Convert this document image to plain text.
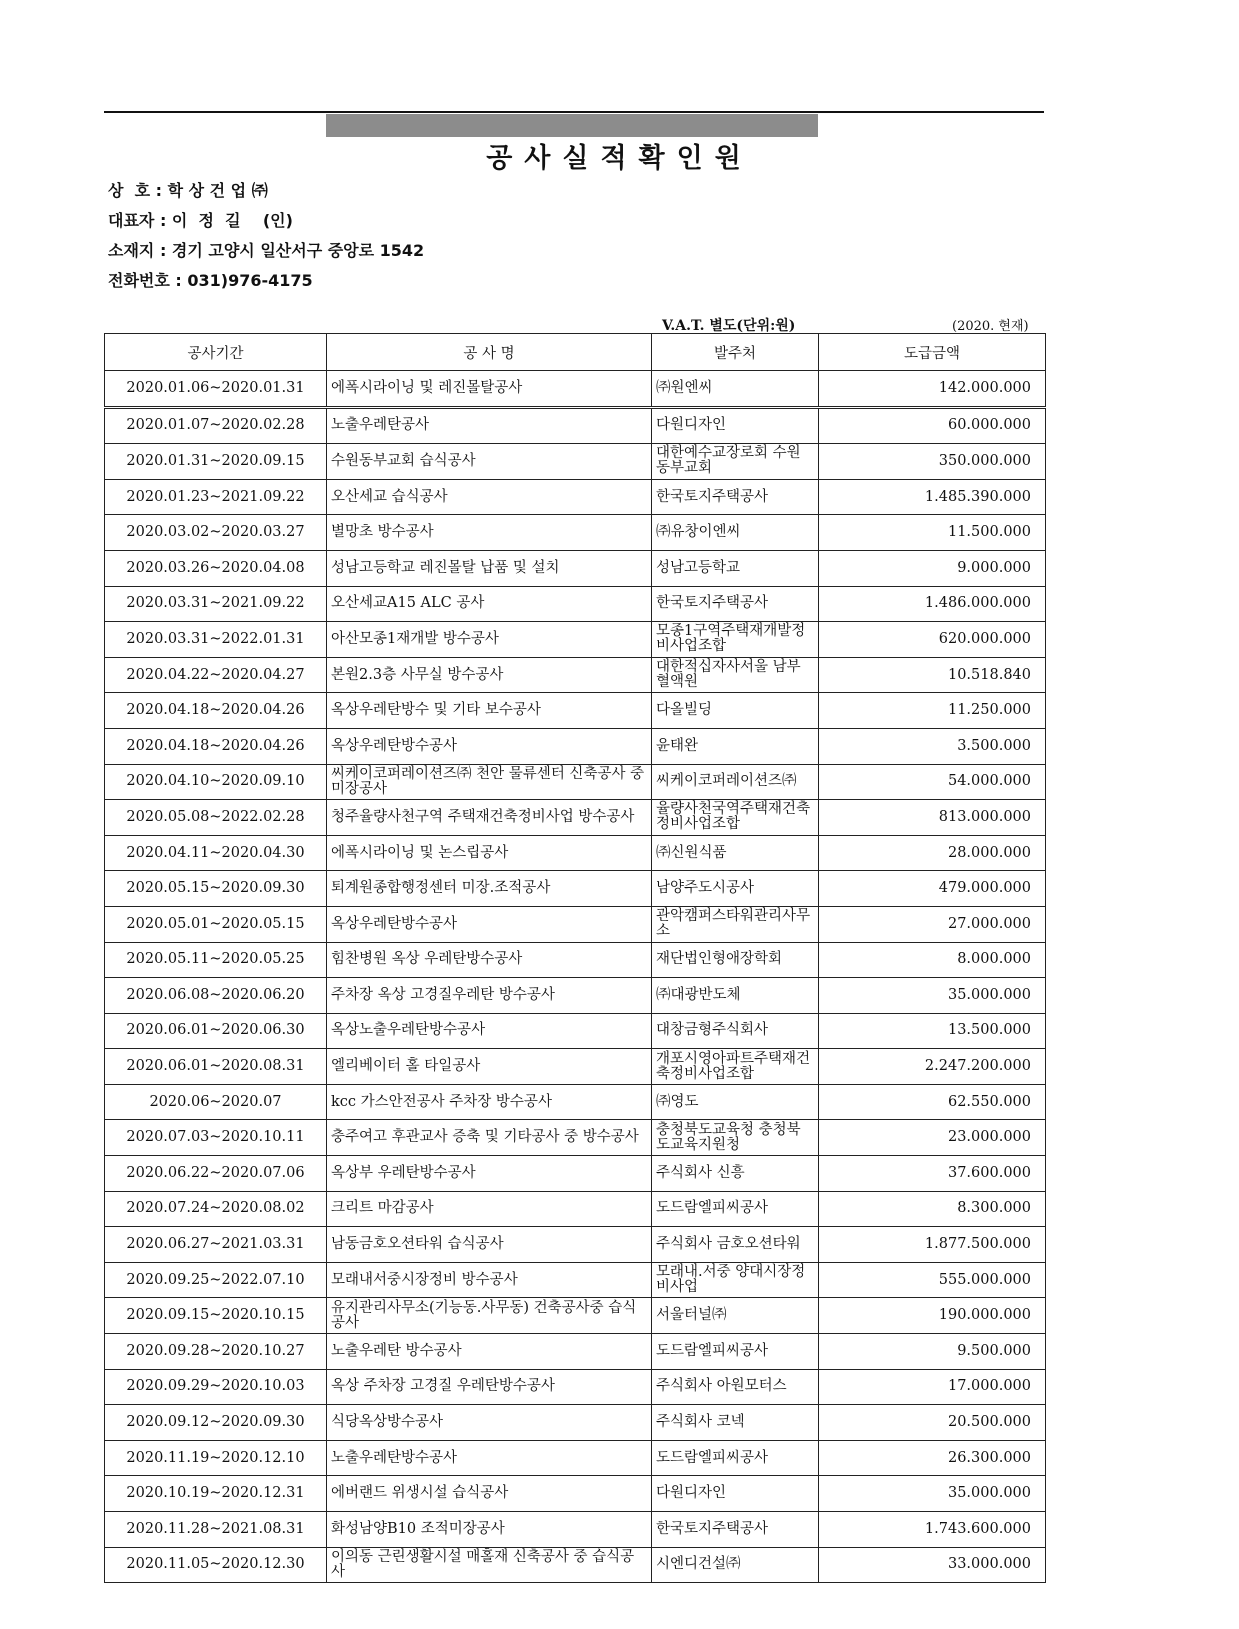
공사실적확인원
상  호 : 학 상 건 업 ㈜
대표자 : 이  정  길    (인)
소재지 : 경기 고양시 일산서구 중앙로 1542
전화번호 : 031)976-4175
V.A.T. 별도(단위:원)	(2020. 현재)
공사기간	공 사 명	발주처	도급금액
2020.01.06~2020.01.31	에폭시라이닝 및 레진몰탈공사	㈜원엔씨	142.000.000
2020.01.07~2020.02.28	노출우레탄공사	다원디자인	60.000.000
2020.01.31~2020.09.15	수원동부교회 습식공사	대한예수교장로회 수원동부교회	350.000.000
2020.01.23~2021.09.22	오산세교 습식공사	한국토지주택공사	1.485.390.000
2020.03.02~2020.03.27	별망초 방수공사	㈜유창이엔씨	11.500.000
2020.03.26~2020.04.08	성남고등학교 레진몰탈 납품 및 설치	성남고등학교	9.000.000
2020.03.31~2021.09.22	오산세교A15 ALC 공사	한국토지주택공사	1.486.000.000
2020.03.31~2022.01.31	아산모종1재개발 방수공사	모종1구역주택재개발정비사업조합	620.000.000
2020.04.22~2020.04.27	본원2.3층 사무실 방수공사	대한적십자사서울 남부혈액원	10.518.840
2020.04.18~2020.04.26	옥상우레탄방수 및 기타 보수공사	다올빌딩	11.250.000
2020.04.18~2020.04.26	옥상우레탄방수공사	윤태완	3.500.000
2020.04.10~2020.09.10	씨케이코퍼레이션즈㈜ 천안 물류센터 신축공사 중 미장공사	씨케이코퍼레이션즈㈜	54.000.000
2020.05.08~2022.02.28	청주율량사천구역 주택재건축정비사업 방수공사	율량사천국역주택재건축정비사업조합	813.000.000
2020.04.11~2020.04.30	에폭시라이닝 및 논스립공사	㈜신원식품	28.000.000
2020.05.15~2020.09.30	퇴계원종합행정센터 미장.조적공사	남양주도시공사	479.000.000
2020.05.01~2020.05.15	옥상우레탄방수공사	관악캠퍼스타워관리사무소	27.000.000
2020.05.11~2020.05.25	힘찬병원 옥상 우레탄방수공사	재단법인형애장학회	8.000.000
2020.06.08~2020.06.20	주차장 옥상 고경질우레탄 방수공사	㈜대광반도체	35.000.000
2020.06.01~2020.06.30	옥상노출우레탄방수공사	대창금형주식회사	13.500.000
2020.06.01~2020.08.31	엘리베이터 홀 타일공사	개포시영아파트주택재건축정비사업조합	2.247.200.000
2020.06~2020.07	kcc 가스안전공사 주차장 방수공사	㈜영도	62.550.000
2020.07.03~2020.10.11	충주여고 후관교사 증축 및 기타공사 중 방수공사	충청북도교육청 충청북도교육지원청	23.000.000
2020.06.22~2020.07.06	옥상부 우레탄방수공사	주식회사 신흥	37.600.000
2020.07.24~2020.08.02	크리트 마감공사	도드람엘피씨공사	8.300.000
2020.06.27~2021.03.31	남동금호오션타워 습식공사	주식회사 금호오션타워	1.877.500.000
2020.09.25~2022.07.10	모래내서중시장정비 방수공사	모래내.서중 양대시장정비사업	555.000.000
2020.09.15~2020.10.15	유지관리사무소(기능동.사무동) 건축공사중 습식공사	서울터널㈜	190.000.000
2020.09.28~2020.10.27	노출우레탄 방수공사	도드람엘피씨공사	9.500.000
2020.09.29~2020.10.03	옥상 주차장 고경질 우레탄방수공사	주식회사 아원모터스	17.000.000
2020.09.12~2020.09.30	식당옥상방수공사	주식회사 코넥	20.500.000
2020.11.19~2020.12.10	노출우레탄방수공사	도드람엘피씨공사	26.300.000
2020.10.19~2020.12.31	에버랜드 위생시설 습식공사	다원디자인	35.000.000
2020.11.28~2021.08.31	화성남양B10 조적미장공사	한국토지주택공사	1.743.600.000
2020.11.05~2020.12.30	이의동 근린생활시설 매홀재 신축공사 중 습식공사	시엔디건설㈜	33.000.000
